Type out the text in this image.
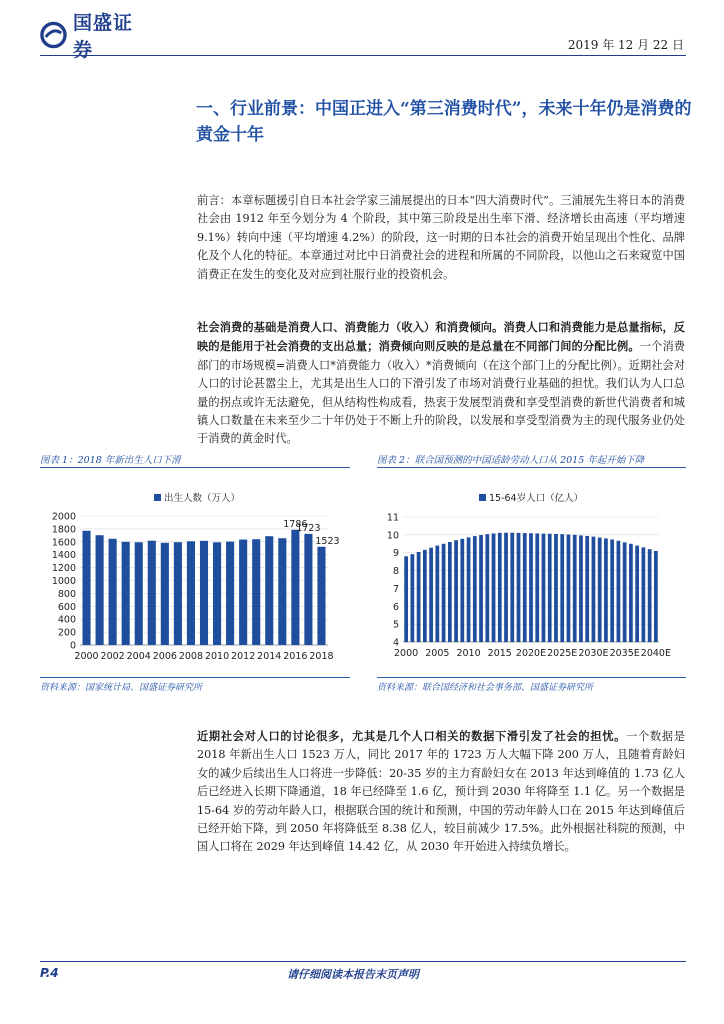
国盛证券	2019 年 12 月 22 日
一、行业前景：中国正进入“第三消费时代”，未来十年仍是消费的黄金十年
前言：本章标题援引自日本社会学家三浦展提出的日本“四大消费时代”。三浦展先生将日本的消费社会由 1912 年至今划分为 4 个阶段，其中第三阶段是出生率下滑、经济增长由高速（平均增速 9.1%）转向中速（平均增速 4.2%）的阶段，这一时期的日本社会的消费开始呈现出个性化、品牌化及个人化的特征。本章通过对比中日消费社会的进程和所属的不同阶段，以他山之石来窥览中国消费正在发生的变化及对应到社服行业的投资机会。
社会消费的基础是消费人口、消费能力（收入）和消费倾向。消费人口和消费能力是总量指标，反映的是能用于社会消费的支出总量；消费倾向则反映的是总量在不同部门间的分配比例。一个消费部门的市场规模=消费人口*消费能力（收入）*消费倾向（在这个部门上的分配比例）。近期社会对人口的讨论甚嚣尘上，尤其是出生人口的下滑引发了市场对消费行业基础的担忧。我们认为人口总量的拐点或许无法避免，但从结构性构成看，热衷于发展型消费和享受型消费的新世代消费者和城镇人口数量在未来至少二十年仍处于不断上升的阶段，以发展和享受型消费为主的现代服务业仍处于消费的黄金时代。
图表 1：2018 年新出生人口下滑	图表 2：联合国预测的中国适龄劳动人口从 2015 年起开始下降
出生人数（万人）
1786
1723
1523
0
200
400
600
800
1000
1200
1400
1600
1800
2000
2000 2002 2004 2006 2008 2010 2012 2014 2016 2018
15-64岁人口（亿人）
4
5
6
7
8
9
10
11
2000 2005 2010 2015 2020E 2025E 2030E 2035E 2040E
资料来源：国家统计局、国盛证券研究所	资料来源：联合国经济和社会事务部、国盛证券研究所
近期社会对人口的讨论很多，尤其是几个人口相关的数据下滑引发了社会的担忧。一个数据是 2018 年新出生人口 1523 万人，同比 2017 年的 1723 万人大幅下降 200 万人，且随着育龄妇女的减少后续出生人口将进一步降低：20-35 岁的主力育龄妇女在 2013 年达到峰值的 1.73 亿人后已经进入长期下降通道，18 年已经降至 1.6 亿，预计到 2030 年将降至 1.1 亿。另一个数据是 15-64 岁的劳动年龄人口，根据联合国的统计和预测，中国的劳动年龄人口在 2015 年达到峰值后已经开始下降，到 2050 年将降低至 8.38 亿人，较目前减少 17.5%。此外根据社科院的预测，中国人口将在 2029 年达到峰值 14.42 亿，从 2030 年开始进入持续负增长。
P.4	请仔细阅读本报告末页声明
